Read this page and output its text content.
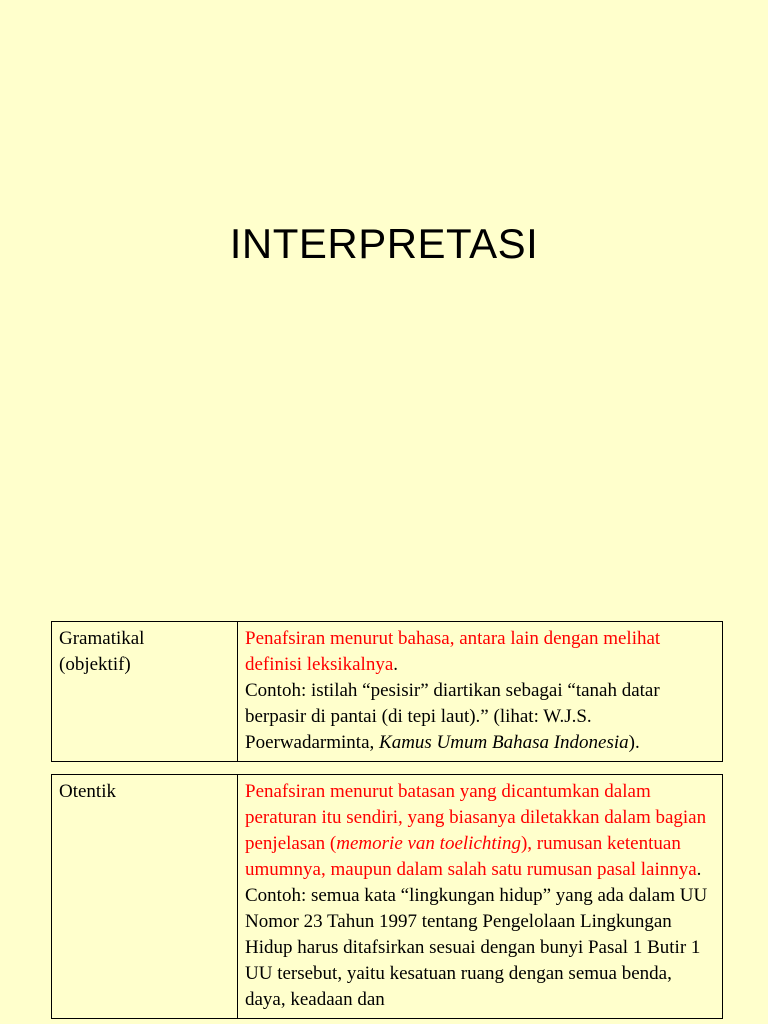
INTERPRETASI
Gramatikal
(objektif)	Penafsiran menurut bahasa, antara lain dengan melihat definisi leksikalnya.
Contoh: istilah “pesisir” diartikan sebagai “tanah datar berpasir di pantai (di tepi laut).” (lihat: W.J.S. Poerwadarminta, Kamus Umum Bahasa Indonesia).
Otentik	Penafsiran menurut batasan yang dicantumkan dalam peraturan itu sendiri, yang biasanya diletakkan dalam bagian penjelasan (memorie van toelichting), rumusan ketentuan umumnya, maupun dalam salah satu rumusan pasal lainnya.
Contoh: semua kata “lingkungan hidup” yang ada dalam UU Nomor 23 Tahun 1997 tentang Pengelolaan Lingkungan Hidup harus ditafsirkan sesuai dengan bunyi Pasal 1 Butir 1 UU tersebut, yaitu kesatuan ruang dengan semua benda, daya, keadaan dan
